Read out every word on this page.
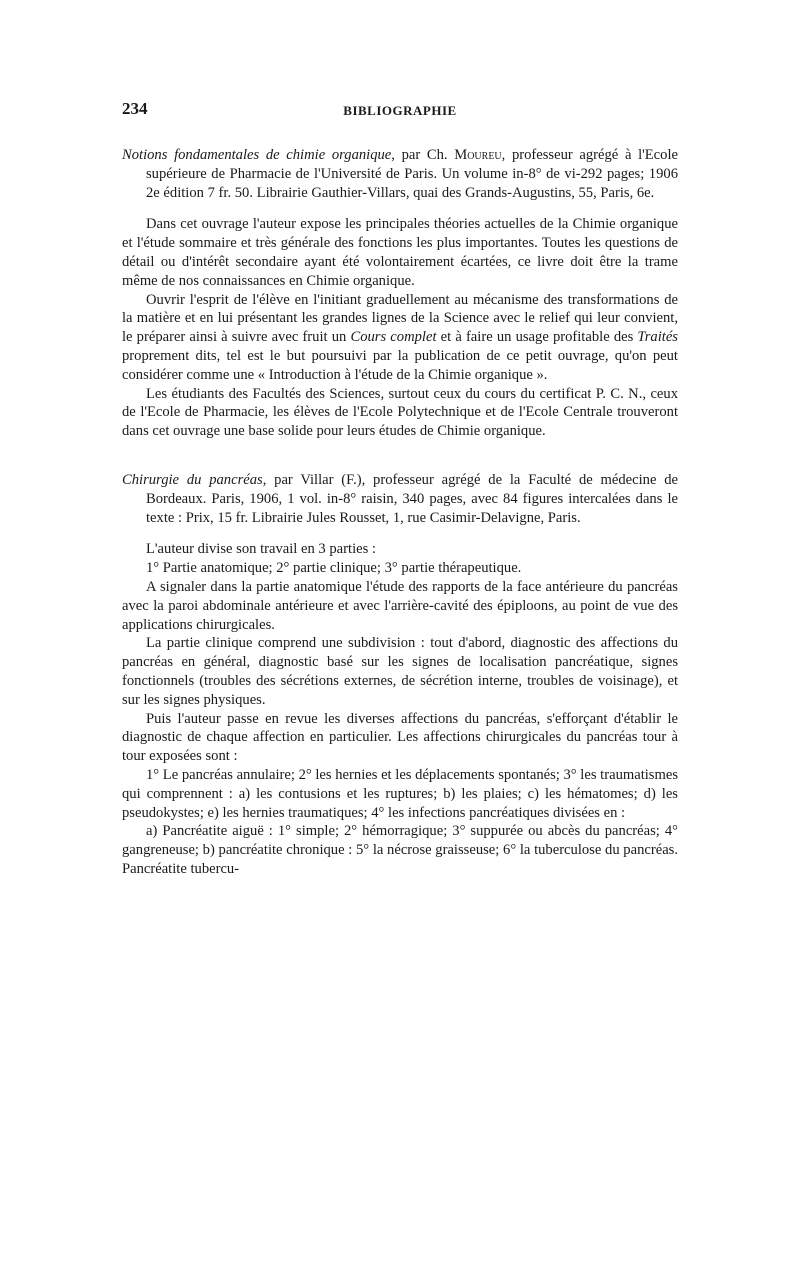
234	BIBLIOGRAPHIE

Notions fondamentales de chimie organique, par Ch. Moureu, professeur agrégé à l'Ecole supérieure de Pharmacie de l'Université de Paris. Un volume in-8° de vi-292 pages; 1906 2e édition 7 fr. 50. Librairie Gauthier-Villars, quai des Grands-Augustins, 55, Paris, 6e.

Dans cet ouvrage l'auteur expose les principales théories actuelles de la Chimie organique et l'étude sommaire et très générale des fonctions les plus importantes. Toutes les questions de détail ou d'intérêt secondaire ayant été volontairement écartées, ce livre doit être la trame même de nos connaissances en Chimie organique.

Ouvrir l'esprit de l'élève en l'initiant graduellement au mécanisme des transformations de la matière et en lui présentant les grandes lignes de la Science avec le relief qui leur convient, le préparer ainsi à suivre avec fruit un Cours complet et à faire un usage profitable des Traités proprement dits, tel est le but poursuivi par la publication de ce petit ouvrage, qu'on peut considérer comme une « Introduction à l'étude de la Chimie organique ».

Les étudiants des Facultés des Sciences, surtout ceux du cours du certificat P. C. N., ceux de l'Ecole de Pharmacie, les élèves de l'Ecole Polytechnique et de l'Ecole Centrale trouveront dans cet ouvrage une base solide pour leurs études de Chimie organique.

Chirurgie du pancréas, par Villar (F.), professeur agrégé de la Faculté de médecine de Bordeaux. Paris, 1906, 1 vol. in-8° raisin, 340 pages, avec 84 figures intercalées dans le texte : Prix, 15 fr. Librairie Jules Rousset, 1, rue Casimir-Delavigne, Paris.

L'auteur divise son travail en 3 parties :

1° Partie anatomique; 2° partie clinique; 3° partie thérapeutique.

A signaler dans la partie anatomique l'étude des rapports de la face antérieure du pancréas avec la paroi abdominale antérieure et avec l'arrière-cavité des épiploons, au point de vue des applications chirurgicales.

La partie clinique comprend une subdivision : tout d'abord, diagnostic des affections du pancréas en général, diagnostic basé sur les signes de localisation pancréatique, signes fonctionnels (troubles des sécrétions externes, de sécrétion interne, troubles de voisinage), et sur les signes physiques.

Puis l'auteur passe en revue les diverses affections du pancréas, s'efforçant d'établir le diagnostic de chaque affection en particulier. Les affections chirurgicales du pancréas tour à tour exposées sont :

1° Le pancréas annulaire; 2° les hernies et les déplacements spontanés; 3° les traumatismes qui comprennent : a) les contusions et les ruptures; b) les plaies; c) les hématomes; d) les pseudokystes; e) les hernies traumatiques; 4° les infections pancréatiques divisées en :

a) Pancréatite aiguë : 1° simple; 2° hémorragique; 3° suppurée ou abcès du pancréas; 4° gangreneuse; b) pancréatite chronique : 5° la nécrose graisseuse; 6° la tuberculose du pancréas. Pancréatite tubercu-
